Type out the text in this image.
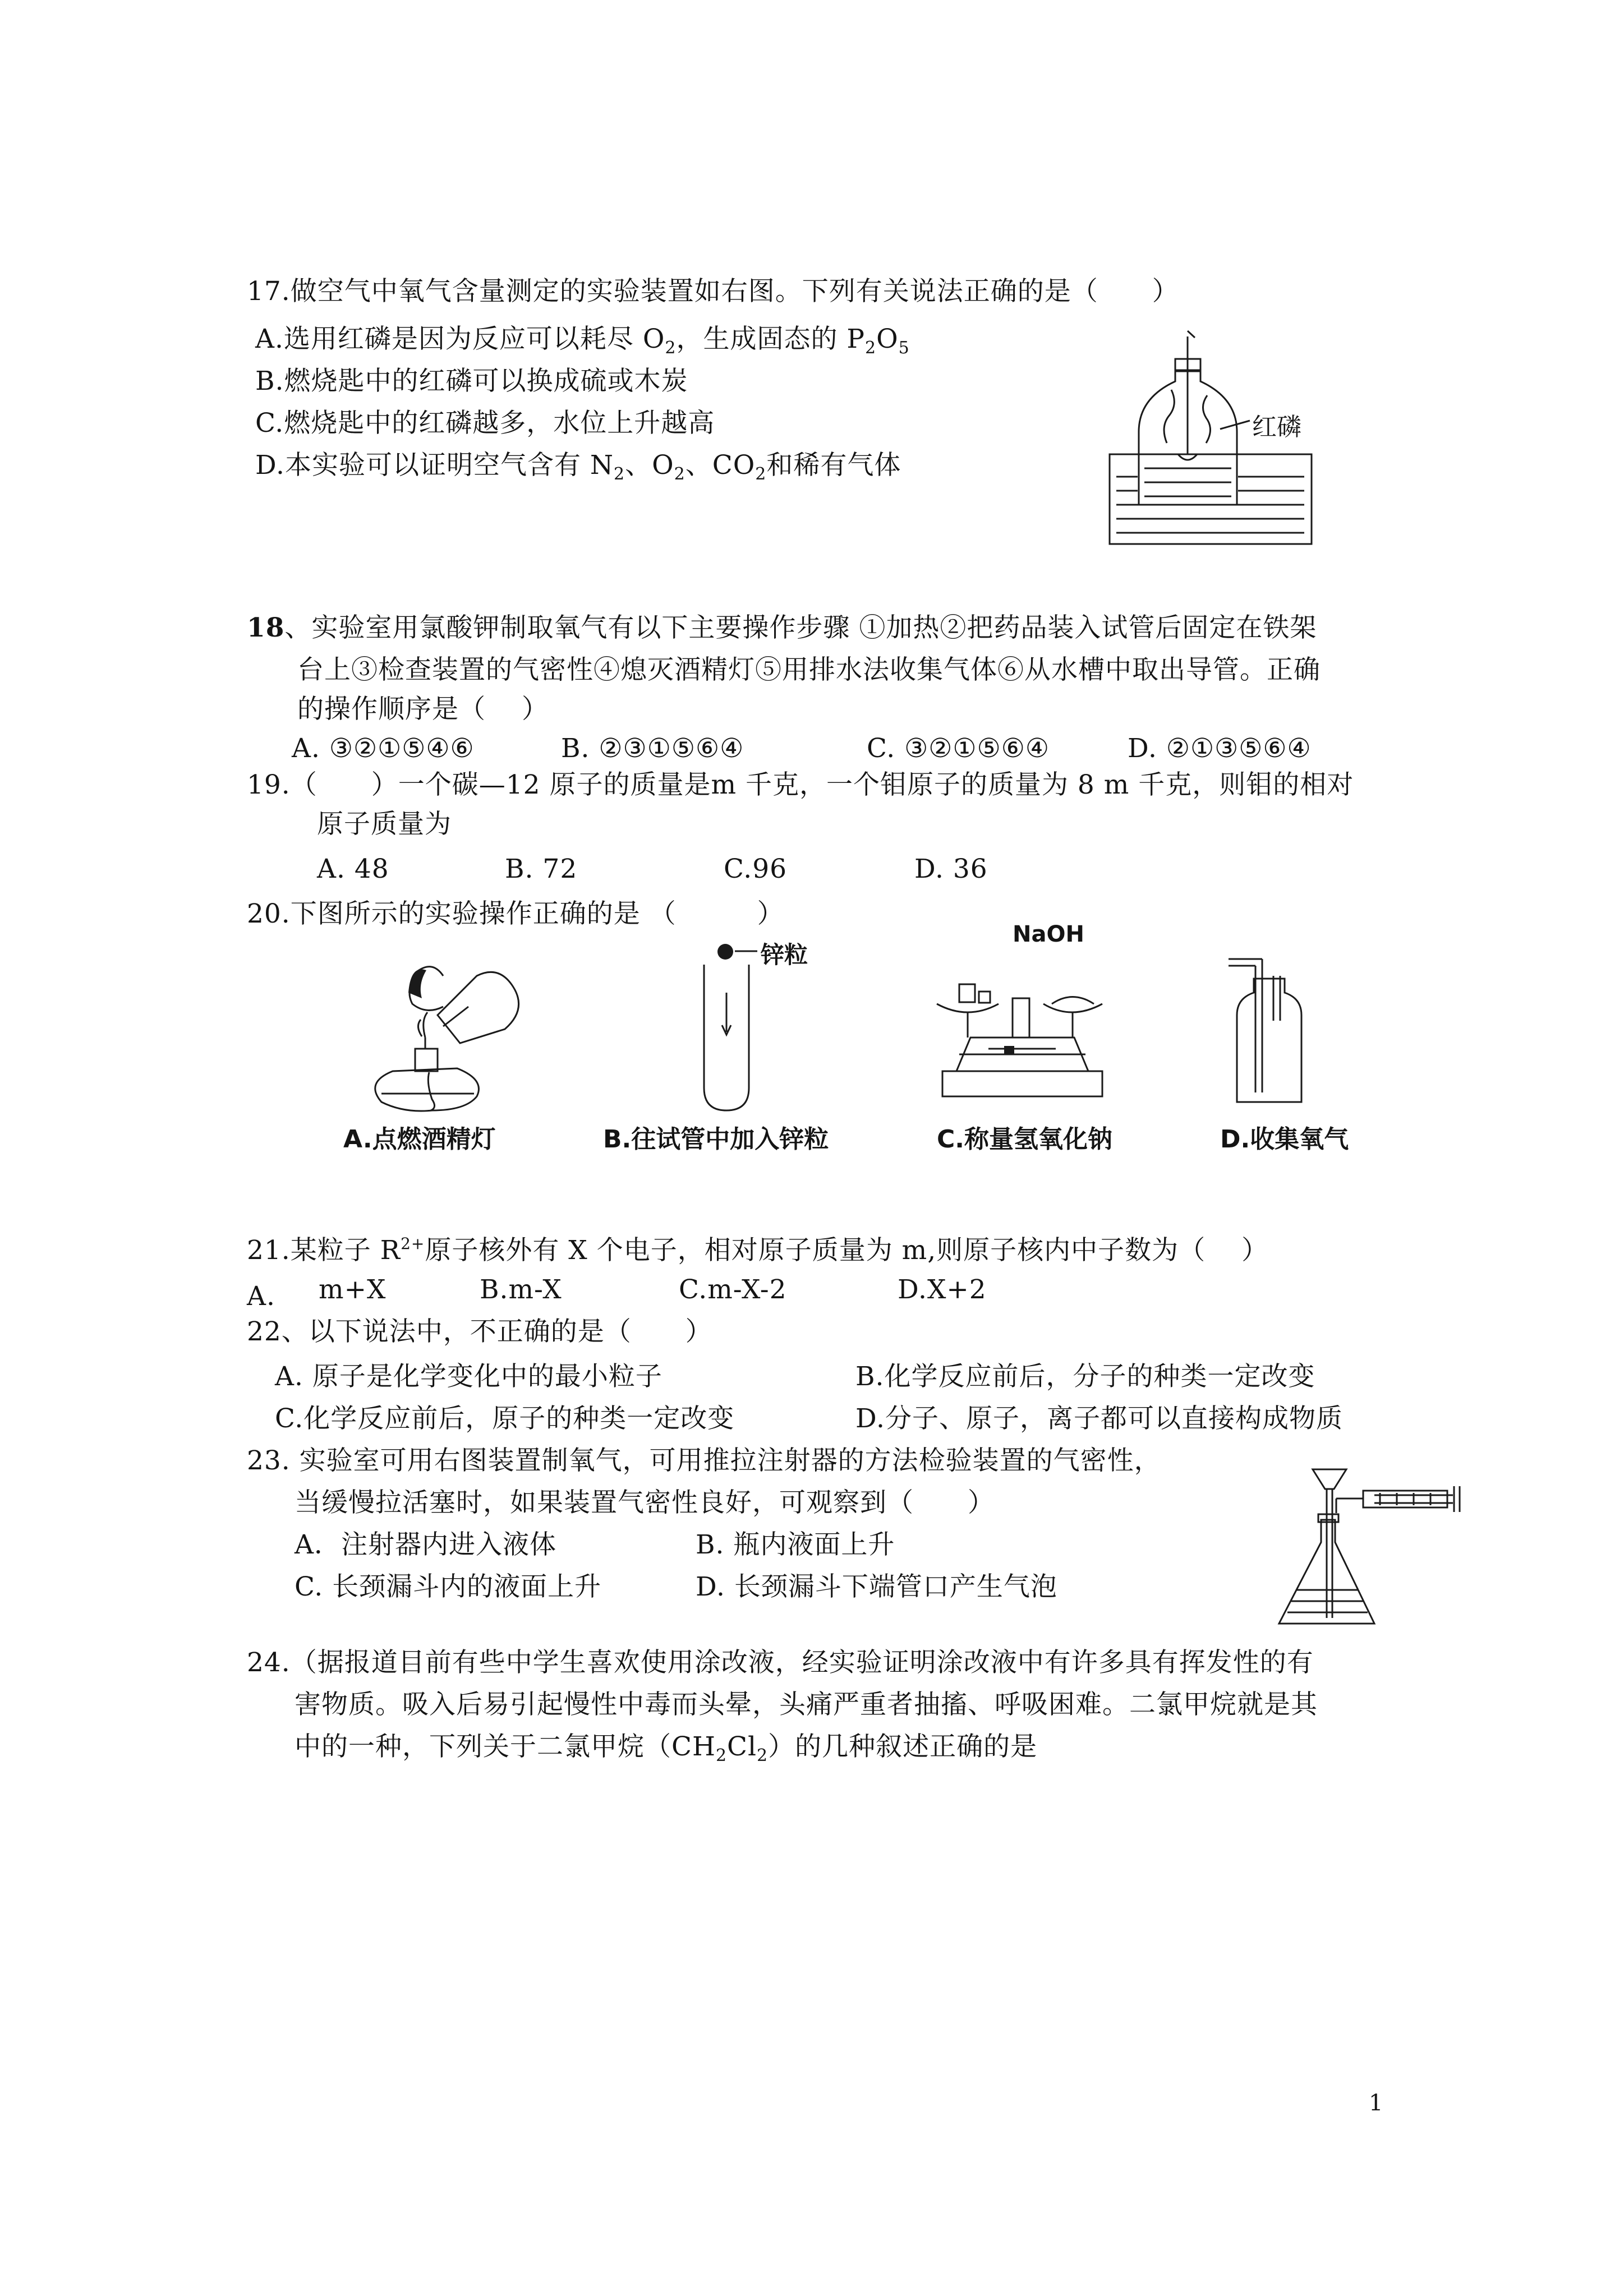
17.做空气中氧气含量测定的实验装置如右图。下列有关说法正确的是（　　）
A.选用红磷是因为反应可以耗尽 $O_2$，生成固态的 $P_2O_5$
B.燃烧匙中的红磷可以换成硫或木炭
C.燃烧匙中的红磷越多，水位上升越高
D.本实验可以证明空气含有 $N_2$、$O_2$、$CO_2$和稀有气体
红磷
18、实验室用氯酸钾制取氧气有以下主要操作步骤 ①加热②把药品装入试管后固定在铁架
台上③检查装置的气密性④熄灭酒精灯⑤用排水法收集气体⑥从水槽中取出导管。正确
的操作顺序是（　 ）
A. ③②①⑤④⑥	B. ②③①⑤⑥④	C. ③②①⑤⑥④	D. ②①③⑤⑥④
19.（　　）一个碳—12 原子的质量是m 千克，一个钼原子的质量为 8 m 千克，则钼的相对
原子质量为
A. 48	B. 72	C.96	D. 36
20.下图所示的实验操作正确的是 （　　　）
锌粒
NaOH
A.点燃酒精灯	B.往试管中加入锌粒	C.称量氢氧化钠	D.收集氧气
21.某粒子 $R^{2+}$原子核外有 X 个电子，相对原子质量为 m,则原子核内中子数为（　 ）
A. m+X	B.m-X	C.m-X-2	D.X+2
22、以下说法中，不正确的是（　　）
A. 原子是化学变化中的最小粒子	B.化学反应前后，分子的种类一定改变
C.化学反应前后，原子的种类一定改变	D.分子、原子，离子都可以直接构成物质
23. 实验室可用右图装置制氧气，可用推拉注射器的方法检验装置的气密性，
当缓慢拉活塞时，如果装置气密性良好，可观察到（　　）
A．注射器内进入液体	B. 瓶内液面上升
C. 长颈漏斗内的液面上升	D. 长颈漏斗下端管口产生气泡
24.（据报道目前有些中学生喜欢使用涂改液，经实验证明涂改液中有许多具有挥发性的有
害物质。吸入后易引起慢性中毒而头晕，头痛严重者抽搐、呼吸困难。二氯甲烷就是其
中的一种，下列关于二氯甲烷$(CH_2Cl_2)$的几种叙述正确的是
1
